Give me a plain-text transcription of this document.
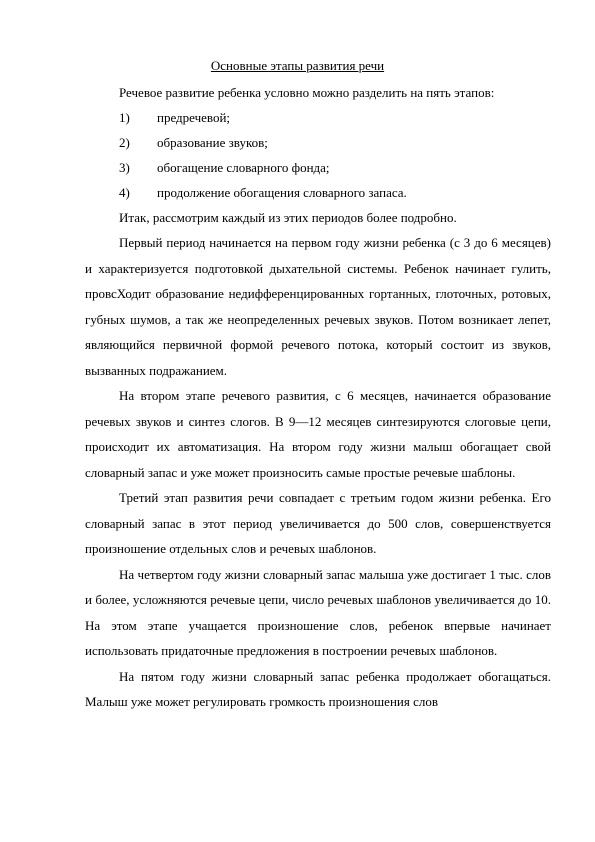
Основные этапы развития речи

Речевое развитие ребенка условно можно разделить на пять этапов:

1) предречевой;
2) образование звуков;
3) обогащение словарного фонда;
4) продолжение обогащения словарного запаса.

Итак, рассмотрим каждый из этих периодов более подробно.

Первый период начинается на первом году жизни ребенка (с 3 до 6 месяцев) и характеризуется подготовкой дыхательной системы. Ребенок начинает гулить, провсХодит образование недифференцированных гортанных, глоточных, ротовых, губных шумов, а так же неопределенных речевых звуков. Потом возникает лепет, являющийся первичной формой речевого потока, который состоит из звуков, вызванных подражанием.

На втором этапе речевого развития, с 6 месяцев, начинается образование речевых звуков и синтез слогов. В 9—12 месяцев синтезируются слоговые цепи, происходит их автоматизация. На втором году жизни малыш обогащает свой словарный запас и уже может произносить самые простые речевые шаблоны.

Третий этап развития речи совпадает с третьим годом жизни ребенка. Его словарный запас в этот период увеличивается до 500 слов, совершенствуется произношение отдельных слов и речевых шаблонов.

На четвертом году жизни словарный запас малыша уже достигает 1 тыс. слов и более, усложняются речевые цепи, число речевых шаблонов увеличивается до 10. На этом этапе учащается произношение слов, ребенок впервые начинает использовать придаточные предложения в построении речевых шаблонов.

На пятом году жизни словарный запас ребенка продолжает обогащаться. Малыш уже может регулировать громкость произношения слов
